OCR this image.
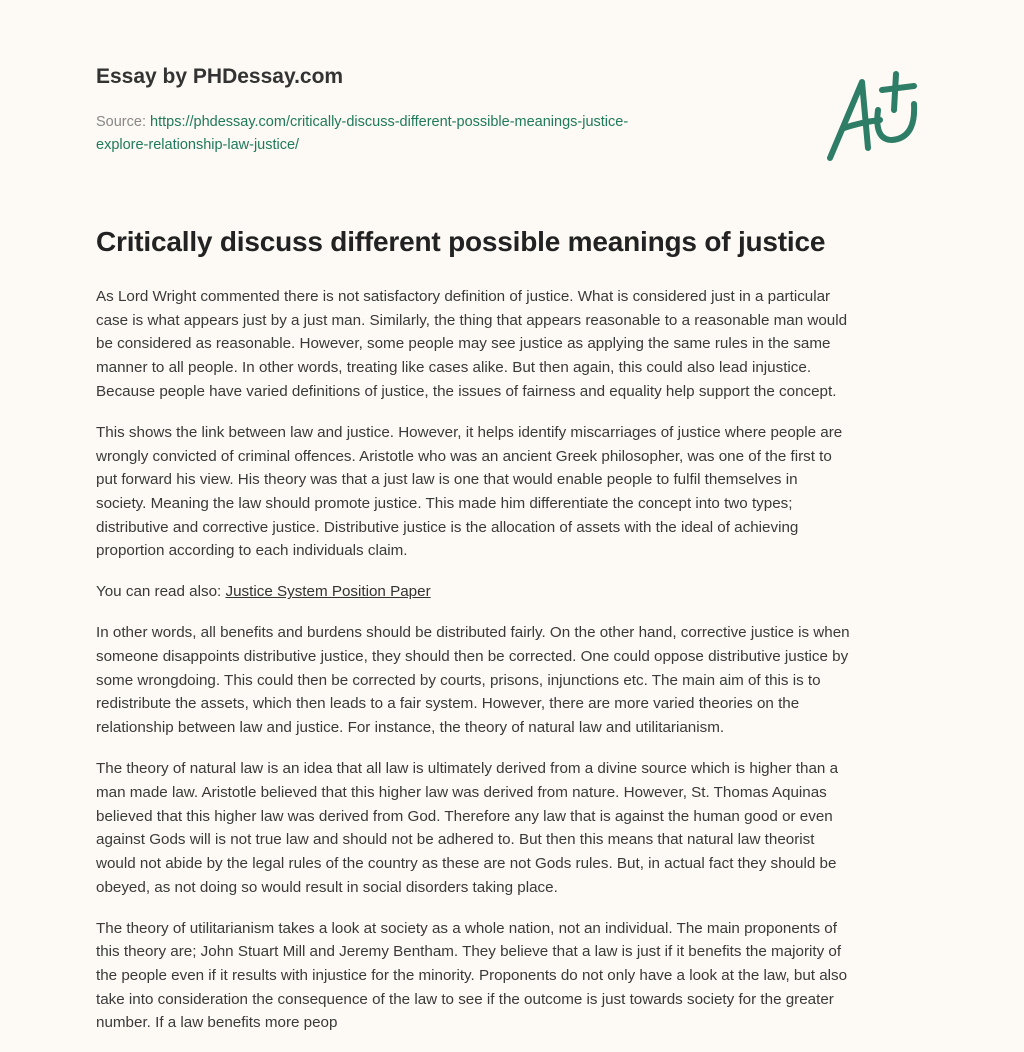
Essay by PHDessay.com
Source: https://phdessay.com/critically-discuss-different-possible-meanings-justice-
explore-relationship-law-justice/
Critically discuss different possible meanings of justice

As Lord Wright commented there is not satisfactory definition of justice. What is considered just in a particular
case is what appears just by a just man. Similarly, the thing that appears reasonable to a reasonable man would
be considered as reasonable. However, some people may see justice as applying the same rules in the same
manner to all people. In other words, treating like cases alike. But then again, this could also lead injustice.
Because people have varied definitions of justice, the issues of fairness and equality help support the concept.

This shows the link between law and justice. However, it helps identify miscarriages of justice where people are
wrongly convicted of criminal offences. Aristotle who was an ancient Greek philosopher, was one of the first to
put forward his view. His theory was that a just law is one that would enable people to fulfil themselves in
society. Meaning the law should promote justice. This made him differentiate the concept into two types;
distributive and corrective justice. Distributive justice is the allocation of assets with the ideal of achieving
proportion according to each individuals claim.

You can read also: Justice System Position Paper

In other words, all benefits and burdens should be distributed fairly. On the other hand, corrective justice is when
someone disappoints distributive justice, they should then be corrected. One could oppose distributive justice by
some wrongdoing. This could then be corrected by courts, prisons, injunctions etc. The main aim of this is to
redistribute the assets, which then leads to a fair system. However, there are more varied theories on the
relationship between law and justice. For instance, the theory of natural law and utilitarianism.

The theory of natural law is an idea that all law is ultimately derived from a divine source which is higher than a
man made law. Aristotle believed that this higher law was derived from nature. However, St. Thomas Aquinas
believed that this higher law was derived from God. Therefore any law that is against the human good or even
against Gods will is not true law and should not be adhered to. But then this means that natural law theorist
would not abide by the legal rules of the country as these are not Gods rules. But, in actual fact they should be
obeyed, as not doing so would result in social disorders taking place.

The theory of utilitarianism takes a look at society as a whole nation, not an individual. The main proponents of
this theory are; John Stuart Mill and Jeremy Bentham. They believe that a law is just if it benefits the majority of
the people even if it results with injustice for the minority. Proponents do not only have a look at the law, but also
take into consideration the consequence of the law to see if the outcome is just towards society for the greater
number. If a law benefits more peop
